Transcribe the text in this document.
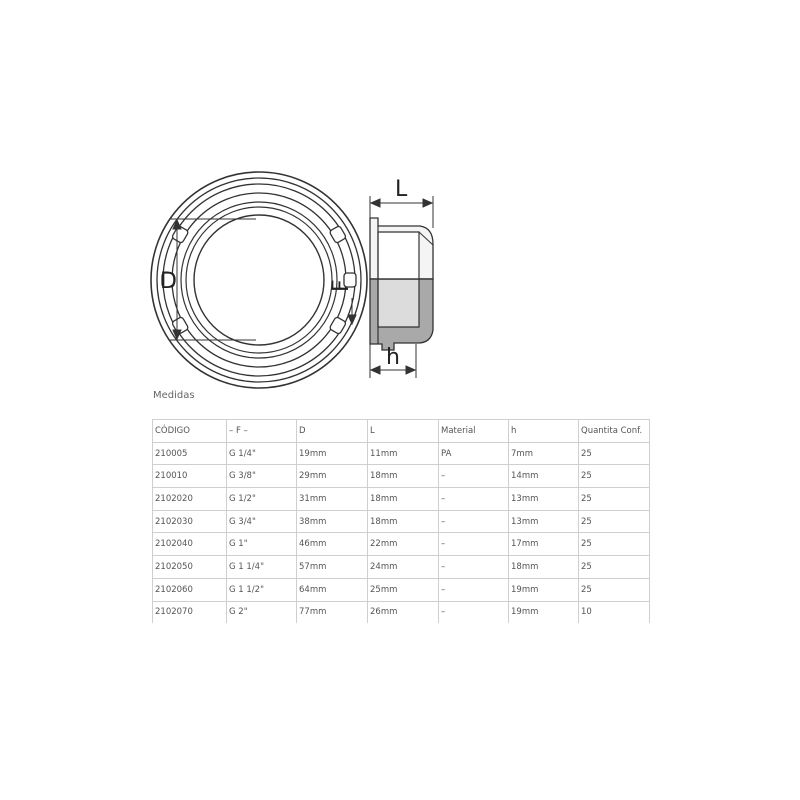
D
L
F
h
Medidas
CÓDIGO	– F –	D	L	Material	h	Quantita Conf.
210005	G 1/4"	19mm	11mm	PA	7mm	25
210010	G 3/8"	29mm	18mm	–	14mm	25
2102020	G 1/2"	31mm	18mm	–	13mm	25
2102030	G 3/4"	38mm	18mm	–	13mm	25
2102040	G 1"	46mm	22mm	–	17mm	25
2102050	G 1 1/4"	57mm	24mm	–	18mm	25
2102060	G 1 1/2"	64mm	25mm	–	19mm	25
2102070	G 2"	77mm	26mm	–	19mm	10
